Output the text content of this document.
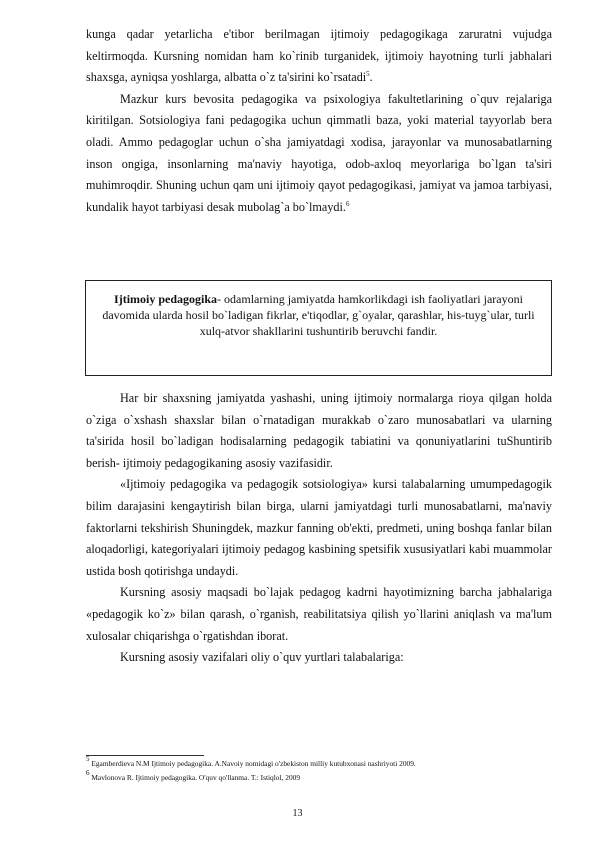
kunga qadar yetarlicha e'tibor berilmagan ijtimoiy pedagogikaga zaruratni vujudga keltirmoqda. Kursning nomidan ham ko`rinib turganidek, ijtimoiy hayotning turli jabhalari shaxsga, ayniqsa yoshlarga, albatta o`z ta'sirini ko`rsatadi$^5$.

Mazkur kurs bevosita pedagogika va psixologiya fakultetlarining o`quv rejalariga kiritilgan. Sotsiologiya fani pedagogika uchun qimmatli baza, yoki material tayyorlab bera oladi. Ammo pedagoglar uchun o`sha jamiyatdagi xodisa, jarayonlar va munosabatlarning inson ongiga, insonlarning ma'naviy hayotiga, odob-axloq meyorlariga bo`lgan ta'siri muhimroqdir. Shuning uchun qam uni ijtimoiy qayot pedagogikasi, jamiyat va jamoa tarbiyasi, kundalik hayot tarbiyasi desak mubolag`a bo`lmaydi.$^6$

Ijtimoiy pedagogika- odamlarning jamiyatda hamkorlikdagi ish faoliyatlari jarayoni davomida ularda hosil bo`ladigan fikrlar, e'tiqodlar, g`oyalar, qarashlar, his-tuyg`ular, turli xulq-atvor shakllarini tushuntirib beruvchi fandir.

Har bir shaxsning jamiyatda yashashi, uning ijtimoiy normalarga rioya qilgan holda o`ziga o`xshash shaxslar bilan o`rnatadigan murakkab o`zaro munosabatlari va ularning ta'sirida hosil bo`ladigan hodisalarning pedagogik tabiatini va qonuniyatlarini tuShuntirib berish- ijtimoiy pedagogikaning asosiy vazifasidir.

«Ijtimoiy pedagogika va pedagogik sotsiologiya» kursi talabalarning umumpedagogik bilim darajasini kengaytirish bilan birga, ularni jamiyatdagi turli munosabatlarni, ma'naviy faktorlarni tekshirish Shuningdek, mazkur fanning ob'ekti, predmeti, uning boshqa fanlar bilan aloqadorligi, kategoriyalari ijtimoiy pedagog kasbining spetsifik xususiyatlari kabi muammolar ustida bosh qotirishga undaydi.

Kursning asosiy maqsadi bo`lajak pedagog kadrni hayotimizning barcha jabhalariga «pedagogik ko`z» bilan qarash, o`rganish, reabilitatsiya qilish yo`llarini aniqlash va ma'lum xulosalar chiqarishga o`rgatishdan iborat.

Kursning asosiy vazifalari oliy o`quv yurtlari talabalariga:

$^5$ Egamberdieva N.M Ijtimoiy pedagogika. A.Navoiy nomidagi o'zbekiston milliy kutubxonasi nashriyoti 2009.
$^6$ Mavlonova R. Ijtimoiy pedagogika. O'quv qo'llanma. T.: Istiqlol, 2009
13
